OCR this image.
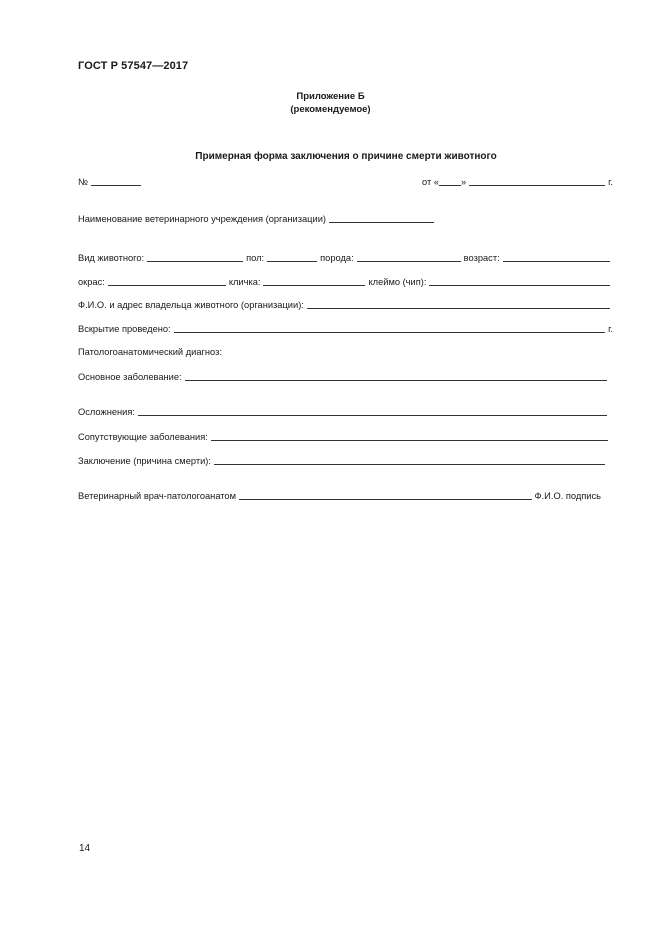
ГОСТ Р 57547—2017
Приложение Б
(рекомендуемое)
Примерная форма заключения о причине смерти животного
№	от « »	г.
Наименование ветеринарного учреждения (организации)
Вид животного:	пол:	порода:	возраст:
окрас:	кличка:	клеймо (чип):
Ф.И.О. и адрес владельца животного (организации):
Вскрытие проведено:	г.
Патологоанатомический диагноз:
Основное заболевание:
Осложнения:
Сопутствующие заболевания:
Заключение (причина смерти):
Ветеринарный врач-патологоанатом	Ф.И.О. подпись
14
